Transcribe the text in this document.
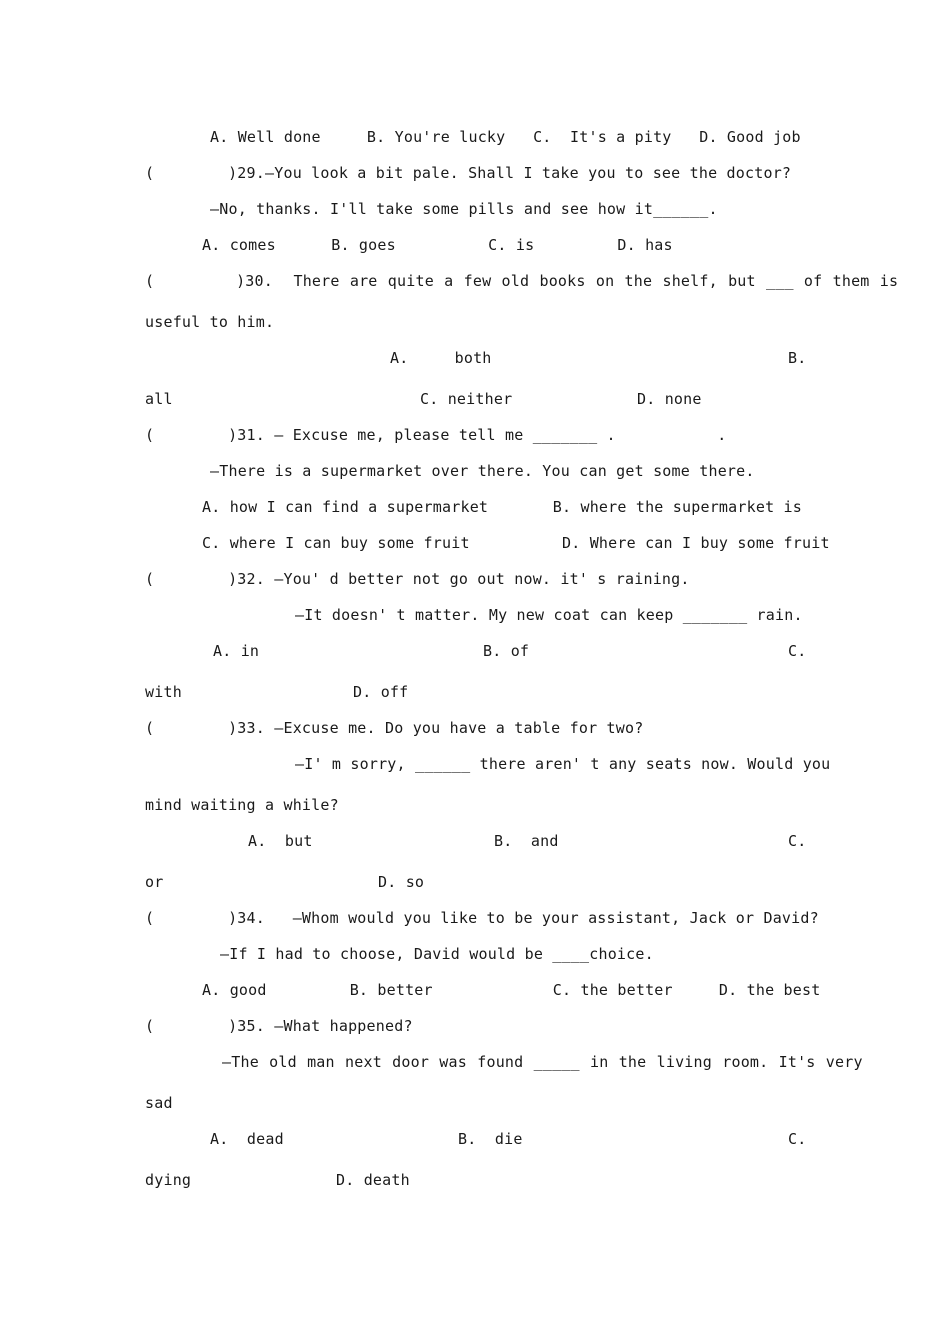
A. Well done     B. You're lucky   C.  It's a pity   D. Good job
(        )29.—You look a bit pale. Shall I take you to see the doctor?
—No, thanks. I'll take some pills and see how it______.
A. comes      B. goes          C. is         D. has
(        )30.  There are quite a few old books on the shelf, but ___ of them is
useful to him.
A.     both	B.
all	C. neither	D. none
(        )31. — Excuse me, please tell me _______ .           .
—There is a supermarket over there. You can get some there.
A. how I can find a supermarket       B. where the supermarket is
C. where I can buy some fruit          D. Where can I buy some fruit
(        )32. —You' d better not go out now. it' s raining.
—It doesn' t matter. My new coat can keep _______ rain.
A. in	B. of	C.
with	D. off
(        )33. —Excuse me. Do you have a table for two?
—I' m sorry, ______ there aren' t any seats now. Would you
mind waiting a while?
A.  but	B.  and	C.
or	D. so
(        )34.   —Whom would you like to be your assistant, Jack or David?
—If I had to choose, David would be ____choice.
A. good         B. better             C. the better     D. the best
(        )35. —What happened?
—The old man next door was found _____ in the living room. It's very
sad
A.  dead	B.  die	C.
dying	D. death
